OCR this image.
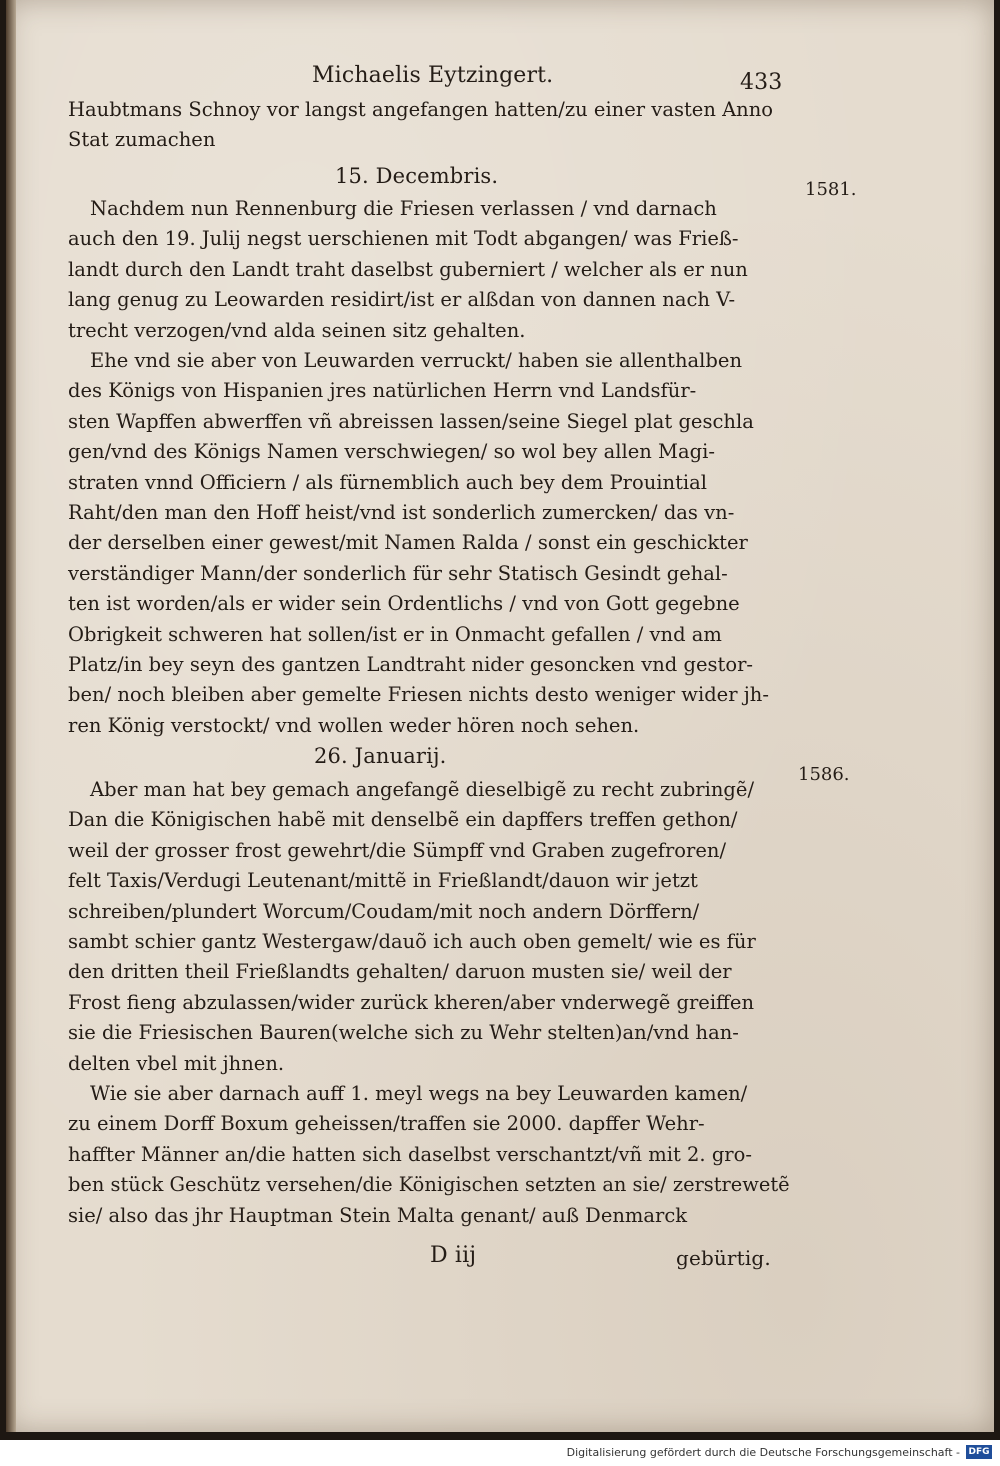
Michaelis Eytzingert.	433
Haubtmans Schnoy vor langst angefangen hatten/zu einer vasten Anno
Stat zumachen
15. Decembris.
1581.
Nachdem nun Rennenburg die Friesen verlassen / vnd darnach
auch den 19. Julij negst uerschienen mit Todt abgangen/ was Frieß-
landt durch den Landt traht daselbst guberniert / welcher als er nun
lang genug zu Leowarden residirt/ist er alßdan von dannen nach V-
trecht verzogen/vnd alda seinen sitz gehalten.
Ehe vnd sie aber von Leuwarden verruckt/ haben sie allenthalben
des Königs von Hispanien jres natürlichen Herrn vnd Landsfür-
sten Wapffen abwerffen vñ abreissen lassen/seine Siegel plat geschla
gen/vnd des Königs Namen verschwiegen/ so wol bey allen Magi-
straten vnnd Officiern / als fürnemblich auch bey dem Prouintial
Raht/den man den Hoff heist/vnd ist sonderlich zumercken/ das vn-
der derselben einer gewest/mit Namen Ralda / sonst ein geschickter
verständiger Mann/der sonderlich für sehr Statisch Gesindt gehal-
ten ist worden/als er wider sein Ordentlichs / vnd von Gott gegebne
Obrigkeit schweren hat sollen/ist er in Onmacht gefallen / vnd am
Platz/in bey seyn des gantzen Landtraht nider gesoncken vnd gestor-
ben/ noch bleiben aber gemelte Friesen nichts desto weniger wider jh-
ren König verstockt/ vnd wollen weder hören noch sehen.
26. Januarij.
1586.
Aber man hat bey gemach angefangẽ dieselbigẽ zu recht zubringẽ/
Dan die Königischen habẽ mit denselbẽ ein dapffers treffen gethon/
weil der grosser frost gewehrt/die Sümpff vnd Graben zugefroren/
felt Taxis/Verdugi Leutenant/mittẽ in Frießlandt/dauon wir jetzt
schreiben/plundert Worcum/Coudam/mit noch andern Dörffern/
sambt schier gantz Westergaw/dauõ ich auch oben gemelt/ wie es für
den dritten theil Frießlandts gehalten/ daruon musten sie/ weil der
Frost fieng abzulassen/wider zurück kheren/aber vnderwegẽ greiffen
sie die Friesischen Bauren(welche sich zu Wehr stelten)an/vnd han-
delten vbel mit jhnen.
Wie sie aber darnach auff 1. meyl wegs na bey Leuwarden kamen/
zu einem Dorff Boxum geheissen/traffen sie 2000. dapffer Wehr-
haffter Männer an/die hatten sich daselbst verschantzt/vñ mit 2. gro-
ben stück Geschütz versehen/die Königischen setzten an sie/ zerstrewetẽ
sie/ also das jhr Hauptman Stein Malta genant/ auß Denmarck
D iij	gebürtig.
Digitalisierung gefördert durch die Deutsche Forschungsgemeinschaft - DFG
